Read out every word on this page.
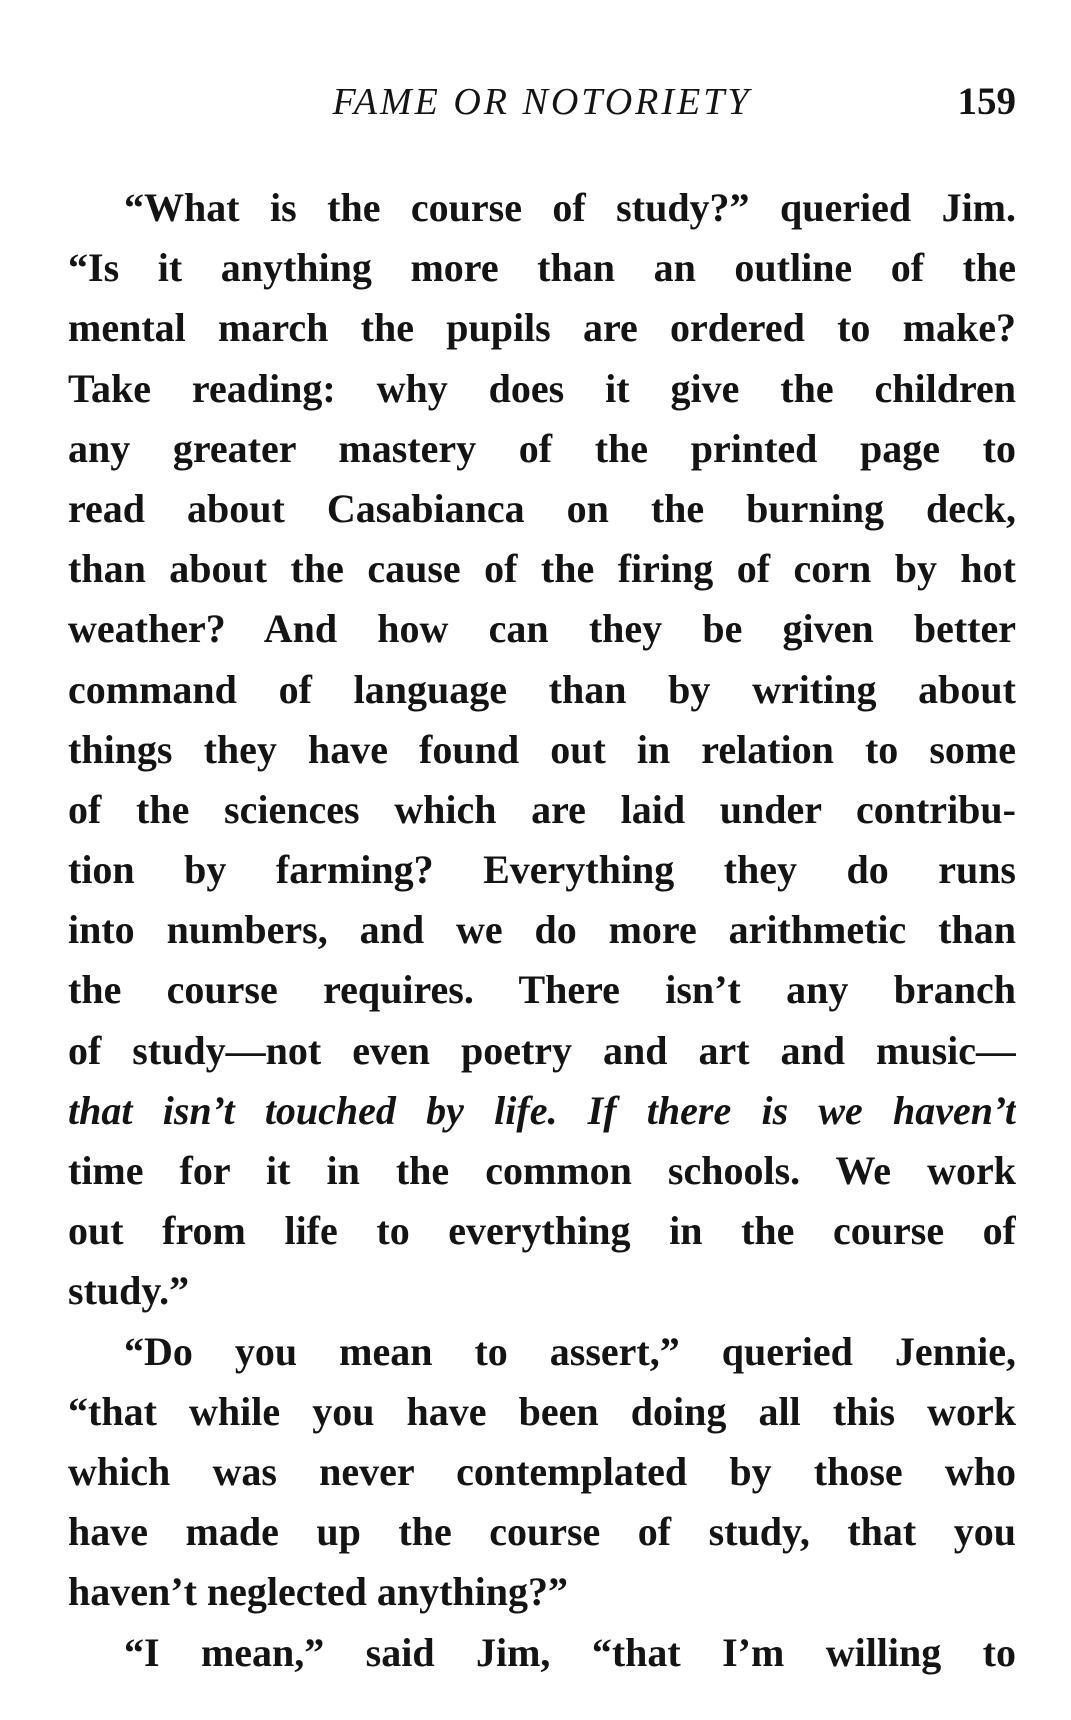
FAME OR NOTORIETY	159
“What is the course of study?” queried Jim.
“Is it anything more than an outline of the
mental march the pupils are ordered to make?
Take reading: why does it give the children
any greater mastery of the printed page to
read about Casabianca on the burning deck,
than about the cause of the firing of corn by hot
weather? And how can they be given better
command of language than by writing about
things they have found out in relation to some
of the sciences which are laid under contribu-
tion by farming? Everything they do runs
into numbers, and we do more arithmetic than
the course requires. There isn’t any branch
of study—not even poetry and art and music—
that isn’t touched by life. If there is we haven’t
time for it in the common schools. We work
out from life to everything in the course of
study.”
“Do you mean to assert,” queried Jennie,
“that while you have been doing all this work
which was never contemplated by those who
have made up the course of study, that you
haven’t neglected anything?”
“I mean,” said Jim, “that I’m willing to
